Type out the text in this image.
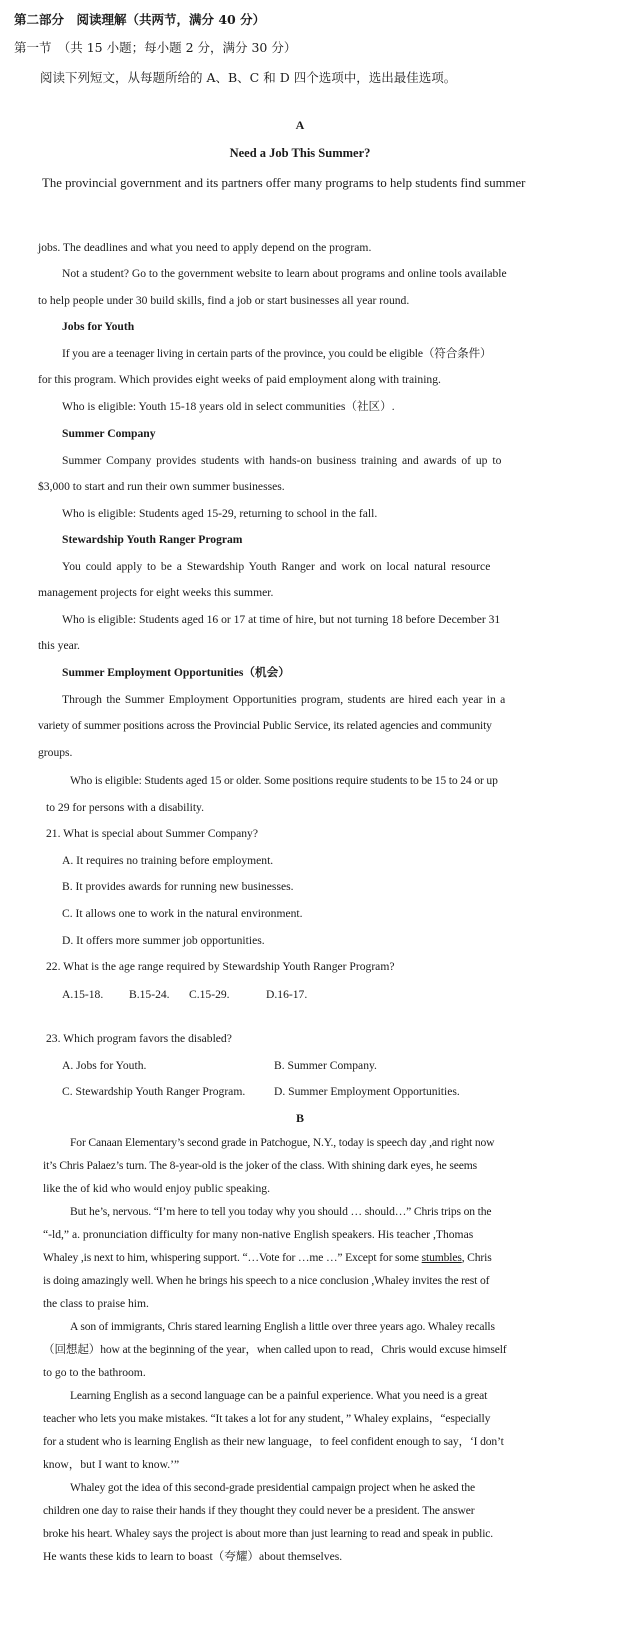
第二部分　阅读理解（共两节，满分 40 分）
第一节　（共 15 小题；每小题 2 分，满分 30 分）
阅读下列短文，从每题所给的 A、B、C 和 D 四个选项中，选出最佳选项。
A
Need a Job This Summer?
The provincial government and its partners offer many programs to help students find summer
jobs. The deadlines and what you need to apply depend on the program.
Not a student? Go to the government website to learn about programs and online tools available
to help people under 30 build skills, find a job or start businesses all year round.
Jobs for Youth
If you are a teenager living in certain parts of the province, you could be eligible（符合条件）
for this program. Which provides eight weeks of paid employment along with training.
Who is eligible: Youth 15-18 years old in select communities（社区）.
Summer Company
Summer Company provides students with hands-on business training and awards of up to
$3,000 to start and run their own summer businesses.
Who is eligible: Students aged 15-29, returning to school in the fall.
Stewardship Youth Ranger Program
You could apply to be a Stewardship Youth Ranger and work on local natural resource
management projects for eight weeks this summer.
Who is eligible: Students aged 16 or 17 at time of hire, but not turning 18 before December 31
this year.
Summer Employment Opportunities（机会）
Through the Summer Employment Opportunities program, students are hired each year in a
variety of summer positions across the Provincial Public Service, its related agencies and community
groups.
Who is eligible: Students aged 15 or older. Some positions require students to be 15 to 24 or up
to 29 for persons with a disability.
21. What is special about Summer Company?
A. It requires no training before employment.
B. It provides awards for running new businesses.
C. It allows one to work in the natural environment.
D. It offers more summer job opportunities.
22. What is the age range required by Stewardship Youth Ranger Program?
A.15-18. B.15-24. C.15-29.	D.16-17.
23. Which program favors the disabled?
A. Jobs for Youth.	B. Summer Company.
C. Stewardship Youth Ranger Program. D. Summer Employment Opportunities.
B
For Canaan Elementary’s second grade in Patchogue, N.Y., today is speech day ,and right now
it’s Chris Palaez’s turn. The 8-year-old is the joker of the class. With shining dark eyes, he seems
like the of kid who would enjoy public speaking.
But he’s, nervous. “I’m here to tell you today why you should … should…” Chris trips on the
“-ld,” a. pronunciation difficulty for many non-native English speakers. His teacher ,Thomas
Whaley ,is next to him, whispering support. “…Vote for …me …” Except for some stumbles, Chris
is doing amazingly well. When he brings his speech to a nice conclusion ,Whaley invites the rest of
the class to praise him.
A son of immigrants, Chris stared learning English a little over three years ago. Whaley recalls
（回想起）how at the beginning of the year，when called upon to read，Chris would excuse himself
to go to the bathroom.
Learning English as a second language can be a painful experience. What you need is a great
teacher who lets you make mistakes. “It takes a lot for any student，” Whaley explains，“especially
for a student who is learning English as their new language，to feel confident enough to say，‘I don’t
know，but I want to know.’”
Whaley got the idea of this second-grade presidential campaign project when he asked the
children one day to raise their hands if they thought they could never be a president. The answer
broke his heart. Whaley says the project is about more than just learning to read and speak in public.
He wants these kids to learn to boast（夸耀）about themselves.
